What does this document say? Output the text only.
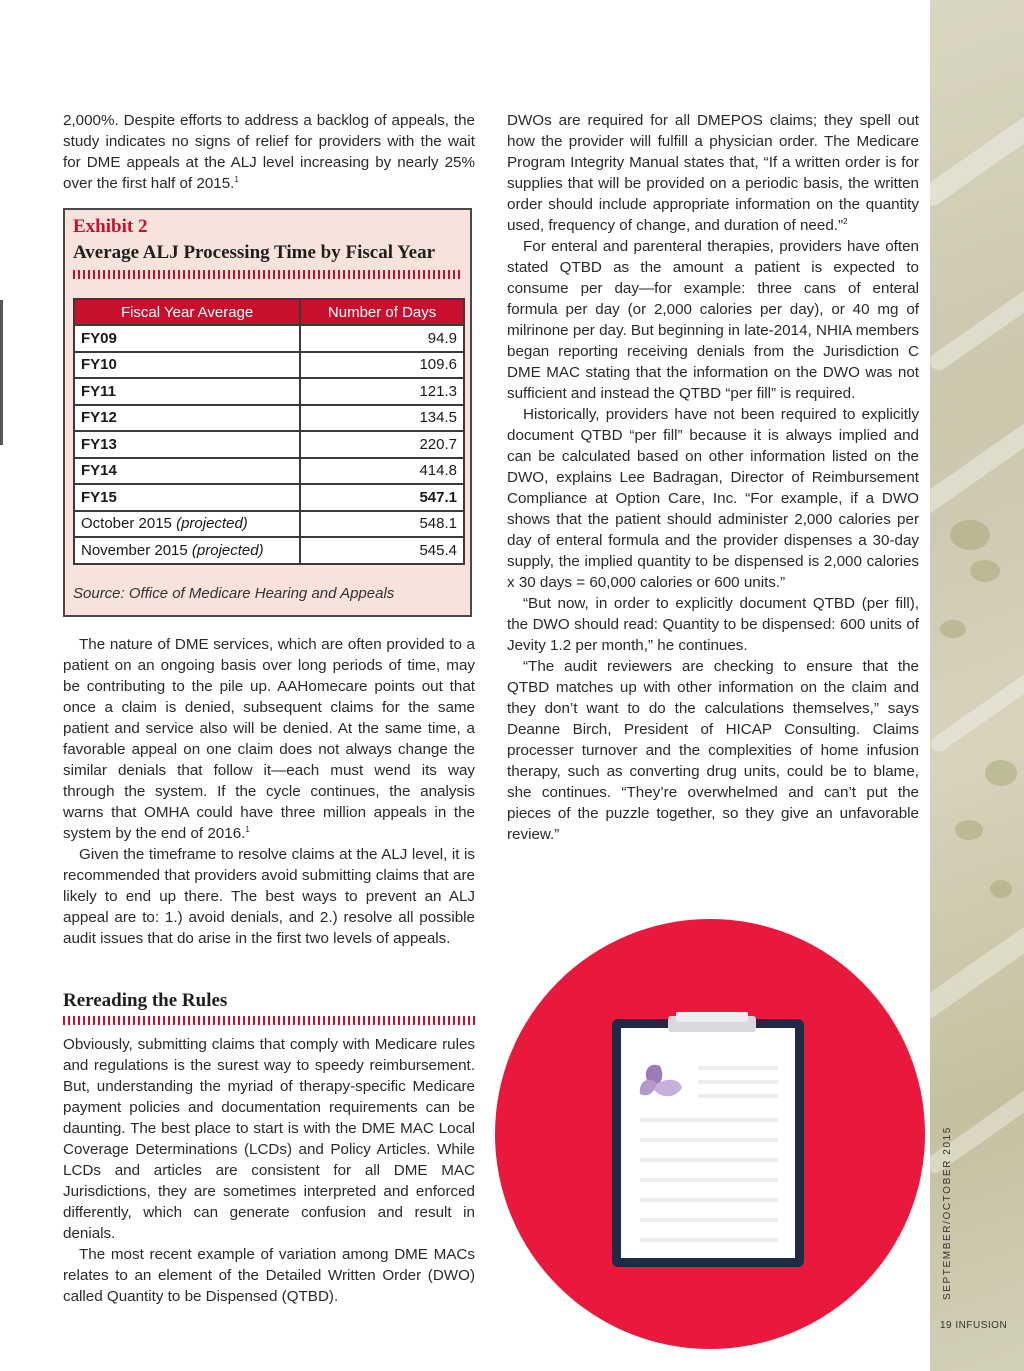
2,000%. Despite efforts to address a backlog of appeals, the study indicates no signs of relief for providers with the wait for DME appeals at the ALJ level increasing by nearly 25% over the first half of 2015.$^1$

Exhibit 2
Average ALJ Processing Time by Fiscal Year
Fiscal Year Average	Number of Days
FY09	94.9
FY10	109.6
FY11	121.3
FY12	134.5
FY13	220.7
FY14	414.8
FY15	547.1
October 2015 (projected)	548.1
November 2015 (projected)	545.4
Source: Office of Medicare Hearing and Appeals

The nature of DME services, which are often provided to a patient on an ongoing basis over long periods of time, may be contributing to the pile up. AAHomecare points out that once a claim is denied, subsequent claims for the same patient and service also will be denied. At the same time, a favorable appeal on one claim does not always change the similar denials that follow it—each must wend its way through the system. If the cycle continues, the analysis warns that OMHA could have three million appeals in the system by the end of 2016.$^1$

Given the timeframe to resolve claims at the ALJ level, it is recommended that providers avoid submitting claims that are likely to end up there. The best ways to prevent an ALJ appeal are to: 1.) avoid denials, and 2.) resolve all possible audit issues that do arise in the first two levels of appeals.

Rereading the Rules

Obviously, submitting claims that comply with Medicare rules and regulations is the surest way to speedy reimbursement. But, understanding the myriad of therapy-specific Medicare payment policies and documentation requirements can be daunting. The best place to start is with the DME MAC Local Coverage Determinations (LCDs) and Policy Articles. While LCDs and articles are consistent for all DME MAC Jurisdictions, they are sometimes interpreted and enforced differently, which can generate confusion and result in denials.

The most recent example of variation among DME MACs relates to an element of the Detailed Written Order (DWO) called Quantity to be Dispensed (QTBD).

DWOs are required for all DMEPOS claims; they spell out how the provider will fulfill a physician order. The Medicare Program Integrity Manual states that, “If a written order is for supplies that will be provided on a periodic basis, the written order should include appropriate information on the quantity used, frequency of change, and duration of need.”$^2$

For enteral and parenteral therapies, providers have often stated QTBD as the amount a patient is expected to consume per day—for example: three cans of enteral formula per day (or 2,000 calories per day), or 40 mg of milrinone per day. But beginning in late-2014, NHIA members began reporting receiving denials from the Jurisdiction C DME MAC stating that the information on the DWO was not sufficient and instead the QTBD “per fill” is required.

Historically, providers have not been required to explicitly document QTBD “per fill” because it is always implied and can be calculated based on other information listed on the DWO, explains Lee Badragan, Director of Reimbursement Compliance at Option Care, Inc. “For example, if a DWO shows that the patient should administer 2,000 calories per day of enteral formula and the provider dispenses a 30-day supply, the implied quantity to be dispensed is 2,000 calories x 30 days = 60,000 calories or 600 units.”

“But now, in order to explicitly document QTBD (per fill), the DWO should read: Quantity to be dispensed: 600 units of Jevity 1.2 per month,” he continues.

“The audit reviewers are checking to ensure that the QTBD matches up with other information on the claim and they don’t want to do the calculations themselves,” says Deanne Birch, President of HICAP Consulting. Claims processer turnover and the complexities of home infusion therapy, such as converting drug units, could be to blame, she continues. “They’re overwhelmed and can’t put the pieces of the puzzle together, so they give an unfavorable review.”

SEPTEMBER/OCTOBER 2015
19 INFUSION
